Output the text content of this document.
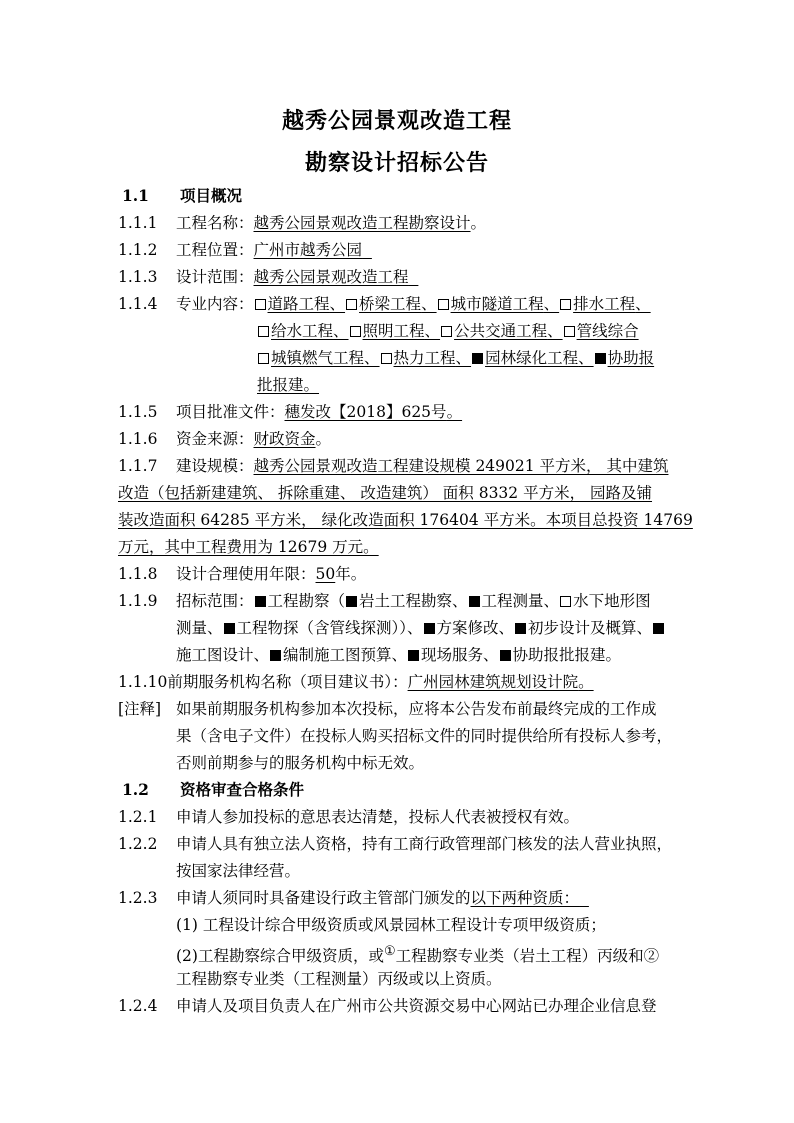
越秀公园景观改造工程
勘察设计招标公告
1.1 项目概况
1.1.1 工程名称：越秀公园景观改造工程勘察设计。
1.1.2 工程位置：广州市越秀公园
1.1.3 设计范围：越秀公园景观改造工程
1.1.4 专业内容： 道路工程、 桥梁工程、 城市隧道工程、 排水工程、
给水工程、 照明工程、 公共交通工程、 管线综合
城镇燃气工程、 热力工程、 园林绿化工程、 协助报
批报建。
1.1.5 项目批准文件：穗发改【2018】625号。
1.1.6 资金来源：财政资金。
1.1.7 建设规模：越秀公园景观改造工程建设规模 249021 平方米， 其中建筑
改造（包括新建建筑、 拆除重建、 改造建筑） 面积 8332 平方米， 园路及铺
装改造面积 64285 平方米， 绿化改造面积 176404 平方米。本项目总投资 14769
万元，其中工程费用为 12679 万元。
1.1.8 设计合理使用年限：50年。
1.1.9 招标范围： 工程勘察（ 岩土工程勘察、 工程测量、 水下地形图
测量、 工程物探（含管线探测））、 方案修改、 初步设计及概算、
施工图设计、 编制施工图预算、 现场服务、 协助报批报建。
1.1.10前期服务机构名称（项目建议书）：广州园林建筑规划设计院。
[注释] 如果前期服务机构参加本次投标，应将本公告发布前最终完成的工作成
果（含电子文件）在投标人购买招标文件的同时提供给所有投标人参考，
否则前期参与的服务机构中标无效。
1.2 资格审查合格条件
1.2.1 申请人参加投标的意思表达清楚，投标人代表被授权有效。
1.2.2 申请人具有独立法人资格，持有工商行政管理部门核发的法人营业执照，
按国家法律经营。
1.2.3 申请人须同时具备建设行政主管部门颁发的以下两种资质：
(1) 工程设计综合甲级资质或风景园林工程设计专项甲级资质；
(2)工程勘察综合甲级资质，或①工程勘察专业类（岩土工程）丙级和②
工程勘察专业类（工程测量）丙级或以上资质。
1.2.4 申请人及项目负责人在广州市公共资源交易中心网站已办理企业信息登
